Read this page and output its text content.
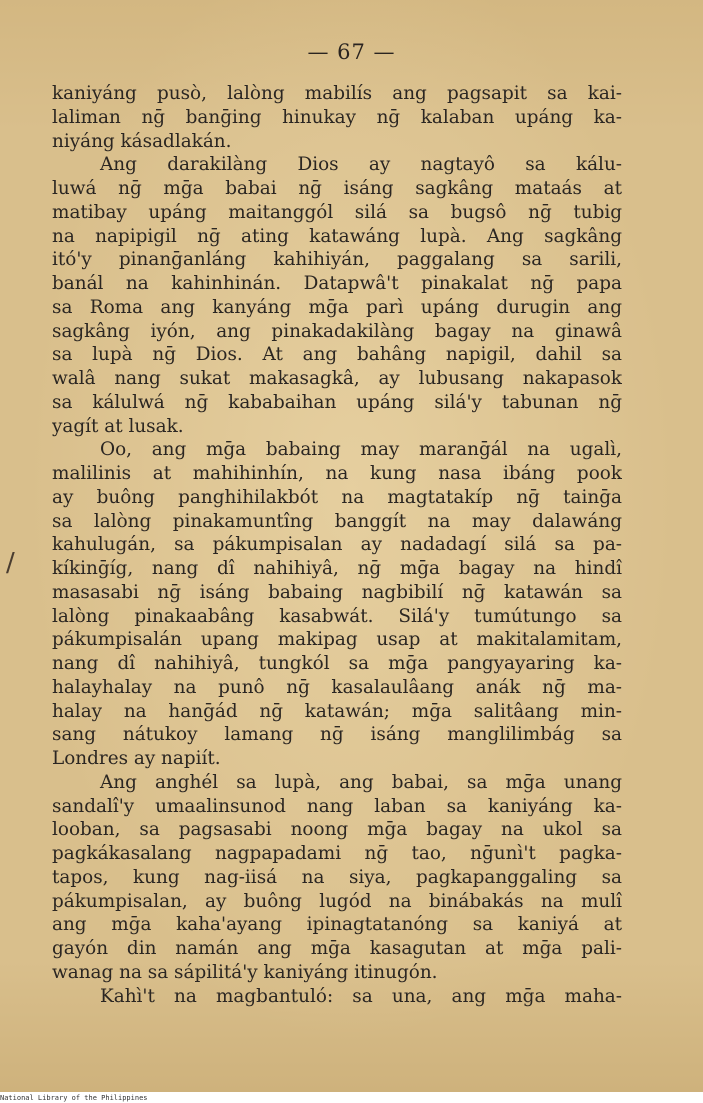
— 67 —
/
kaniyáng pusò, lalòng mabilís ang pagsapit sa kai-
laliman nḡ banḡing hinukay nḡ kalaban upáng ka-
niyáng kásadlakán.
Ang darakilàng Dios ay nagtayô sa kálu-
luwá nḡ mḡa babai nḡ isáng sagkâng mataás at
matibay upáng maitanggól silá sa bugsô nḡ tubig
na napipigil nḡ ating katawáng lupà. Ang sagkâng
itó'y pinanḡanláng kahihiyán, paggalang sa sarili,
banál na kahinhinán. Datapwâ't pinakalat nḡ papa
sa Roma ang kanyáng mḡa parì upáng durugin ang
sagkâng iyón, ang pinakadakilàng bagay na ginawâ
sa lupà nḡ Dios. At ang bahâng napigil, dahil sa
walâ nang sukat makasagkâ, ay lubusang nakapasok
sa kálulwá nḡ kababaihan upáng silá'y tabunan nḡ
yagít at lusak.
Oo, ang mḡa babaing may maranḡál na ugalì,
malilinis at mahihinhín, na kung nasa ibáng pook
ay buông panghihilakbót na magtatakíp nḡ tainḡa
sa lalòng pinakamuntîng banggít na may dalawáng
kahulugán, sa pákumpisalan ay nadadagí silá sa pa-
kíkinḡíg, nang dî nahihiyâ, nḡ mḡa bagay na hindî
masasabi nḡ isáng babaing nagbibilí nḡ katawán sa
lalòng pinakaabâng kasabwát. Silá'y tumútungo sa
pákumpisalán upang makipag usap at makitalamitam,
nang dî nahihiyâ, tungkól sa mḡa pangyayaring ka-
halayhalay na punô nḡ kasalaulâang anák nḡ ma-
halay na hanḡád nḡ katawán; mḡa salitâang min-
sang nátukoy lamang nḡ isáng manglilimbág sa
Londres ay napiít.
Ang anghél sa lupà, ang babai, sa mḡa unang
sandalî'y umaalinsunod nang laban sa kaniyáng ka-
looban, sa pagsasabi noong mḡa bagay na ukol sa
pagkákasalang nagpapadami nḡ tao, nḡunì't pagka-
tapos, kung nag-iisá na siya, pagkapanggaling sa
pákumpisalan, ay buông lugód na binábakás na mulî
ang mḡa kaha'ayang ipinagtatanóng sa kaniyá at
gayón din namán ang mḡa kasagutan at mḡa pali-
wanag na sa sápilitá'y kaniyáng itinugón.
Kahì't na magbantuló: sa una, ang mḡa maha-
National Library of the Philippines
